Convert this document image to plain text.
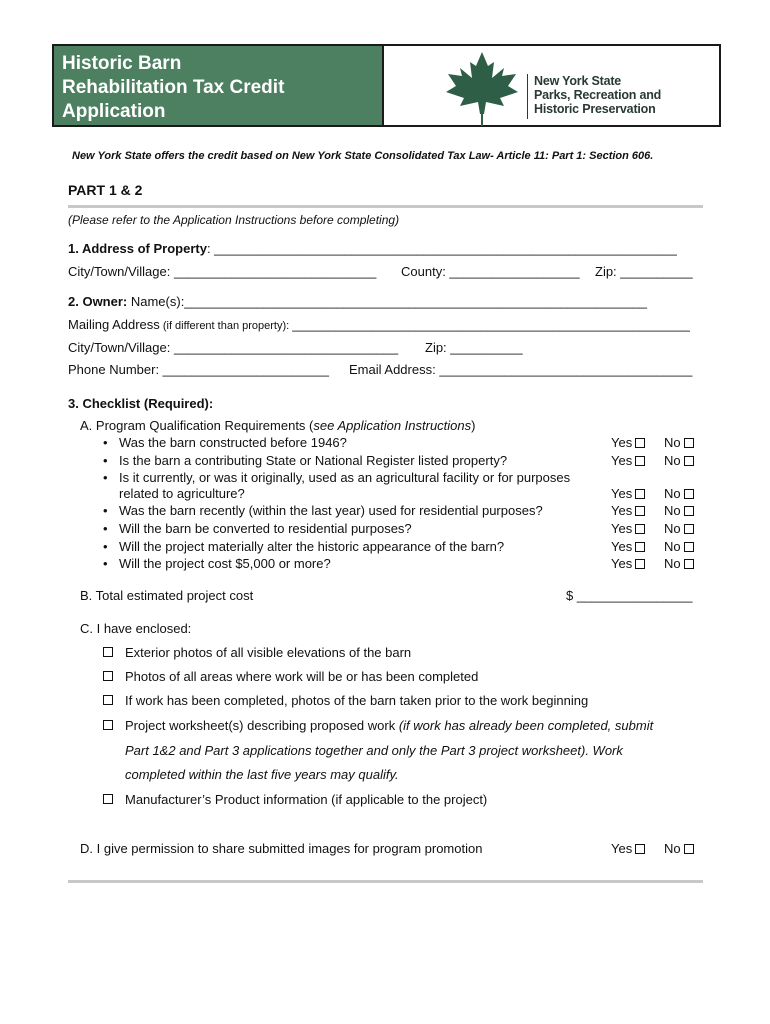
Historic Barn
Rehabilitation Tax Credit
Application
New York State
Parks, Recreation and
Historic Preservation
New York State offers the credit based on New York State Consolidated Tax Law- Article 11: Part 1: Section 606.
PART 1 & 2
(Please refer to the Application Instructions before completing)
1. Address of Property: ________________________________________________________________
City/Town/Village: ____________________________ County: __________________ Zip: __________
2. Owner: Name(s):________________________________________________________________
Mailing Address (if different than property): _______________________________________________________
City/Town/Village: _______________________________ Zip: __________
Phone Number: _______________________ Email Address: ___________________________________
3. Checklist (Required):
A. Program Qualification Requirements (see Application Instructions)
• Was the barn constructed before 1946?	Yes	No
• Is the barn a contributing State or National Register listed property?	Yes	No
• Is it currently, or was it originally, used as an agricultural facility or for purposes
related to agriculture?	Yes	No
• Was the barn recently (within the last year) used for residential purposes?	Yes	No
• Will the barn be converted to residential purposes?	Yes	No
• Will the project materially alter the historic appearance of the barn?	Yes	No
• Will the project cost $5,000 or more?	Yes	No
B. Total estimated project cost	$ ________________
C. I have enclosed:
Exterior photos of all visible elevations of the barn
Photos of all areas where work will be or has been completed
If work has been completed, photos of the barn taken prior to the work beginning
Project worksheet(s) describing proposed work (if work has already been completed, submit
Part 1&2 and Part 3 applications together and only the Part 3 project worksheet). Work
completed within the last five years may qualify.
Manufacturer’s Product information (if applicable to the project)
D. I give permission to share submitted images for program promotion	Yes	No
